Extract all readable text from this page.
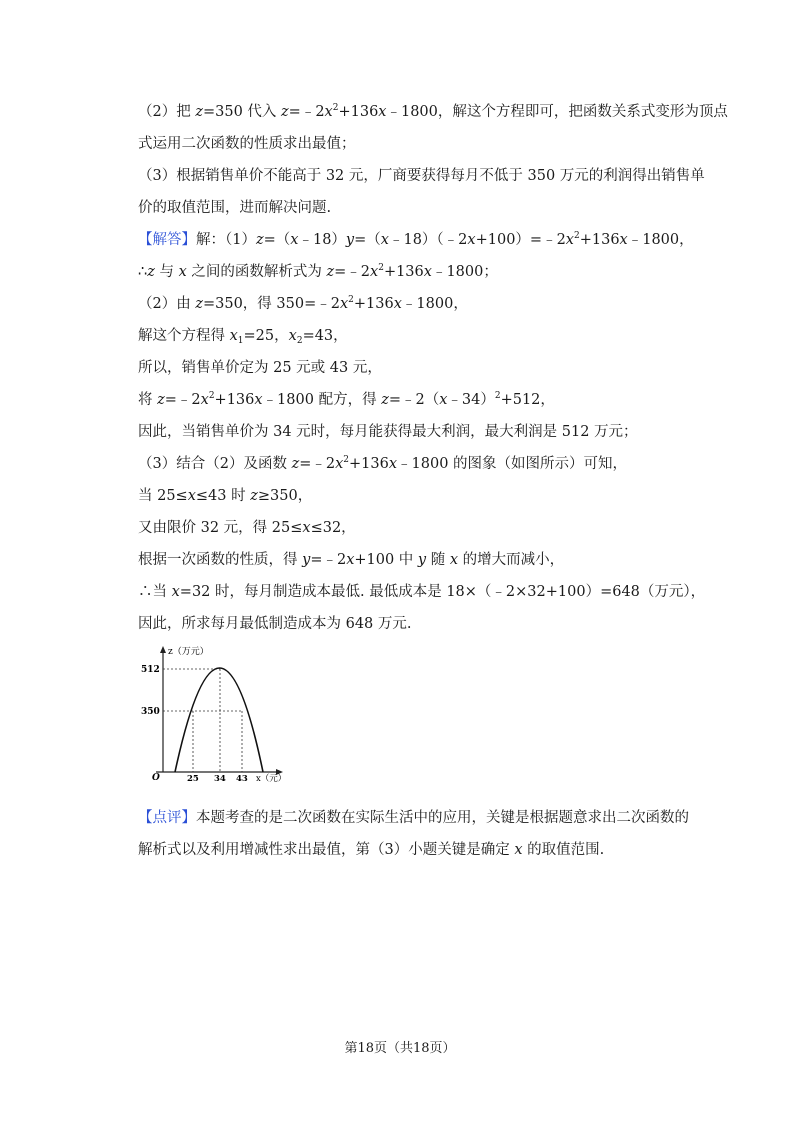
（2）把 z=350 代入 $z=﹣2x^2+136x﹣1800$，解这个方程即可，把函数关系式变形为顶点
式运用二次函数的性质求出最值；
（3）根据销售单价不能高于 32 元，厂商要获得每月不低于 350 万元的利润得出销售单
价的取值范围，进而解决问题.
【解答】解：$(1)z=(x﹣18)y=(x﹣18)(﹣2x+100)=﹣2x^2+136x﹣1800$，
∴z 与 x 之间的函数解析式为 $z=﹣2x^2+136x﹣1800$；
（2）由 z=350，得 $350=﹣2x^2+136x﹣1800$，
解这个方程得 $x_1=25$，$x_2=43$，
所以，销售单价定为 25 元或 43 元，
将 $z=﹣2x^2+136x﹣1800$ 配方，得 z=﹣2（x﹣34）$^2$+512，
因此，当销售单价为 34 元时，每月能获得最大利润，最大利润是 512 万元；
（3）结合（2）及函数 $z=﹣2x^2+136x﹣1800$ 的图象（如图所示）可知，
当 25≤x≤43 时 z≥350，
又由限价 32 元，得 25≤x≤32，
根据一次函数的性质，得 y=﹣2x+100 中 y 随 x 的增大而减小，
∴当 x=32 时，每月制造成本最低. 最低成本是 18×（﹣2×32+100）=648（万元），
因此，所求每月最低制造成本为 648 万元.
z（万元）
512
350
O	25 34 43 x（元）
【点评】本题考查的是二次函数在实际生活中的应用，关键是根据题意求出二次函数的
解析式以及利用增减性求出最值，第（3）小题关键是确定 x 的取值范围.
第18页（共18页）
